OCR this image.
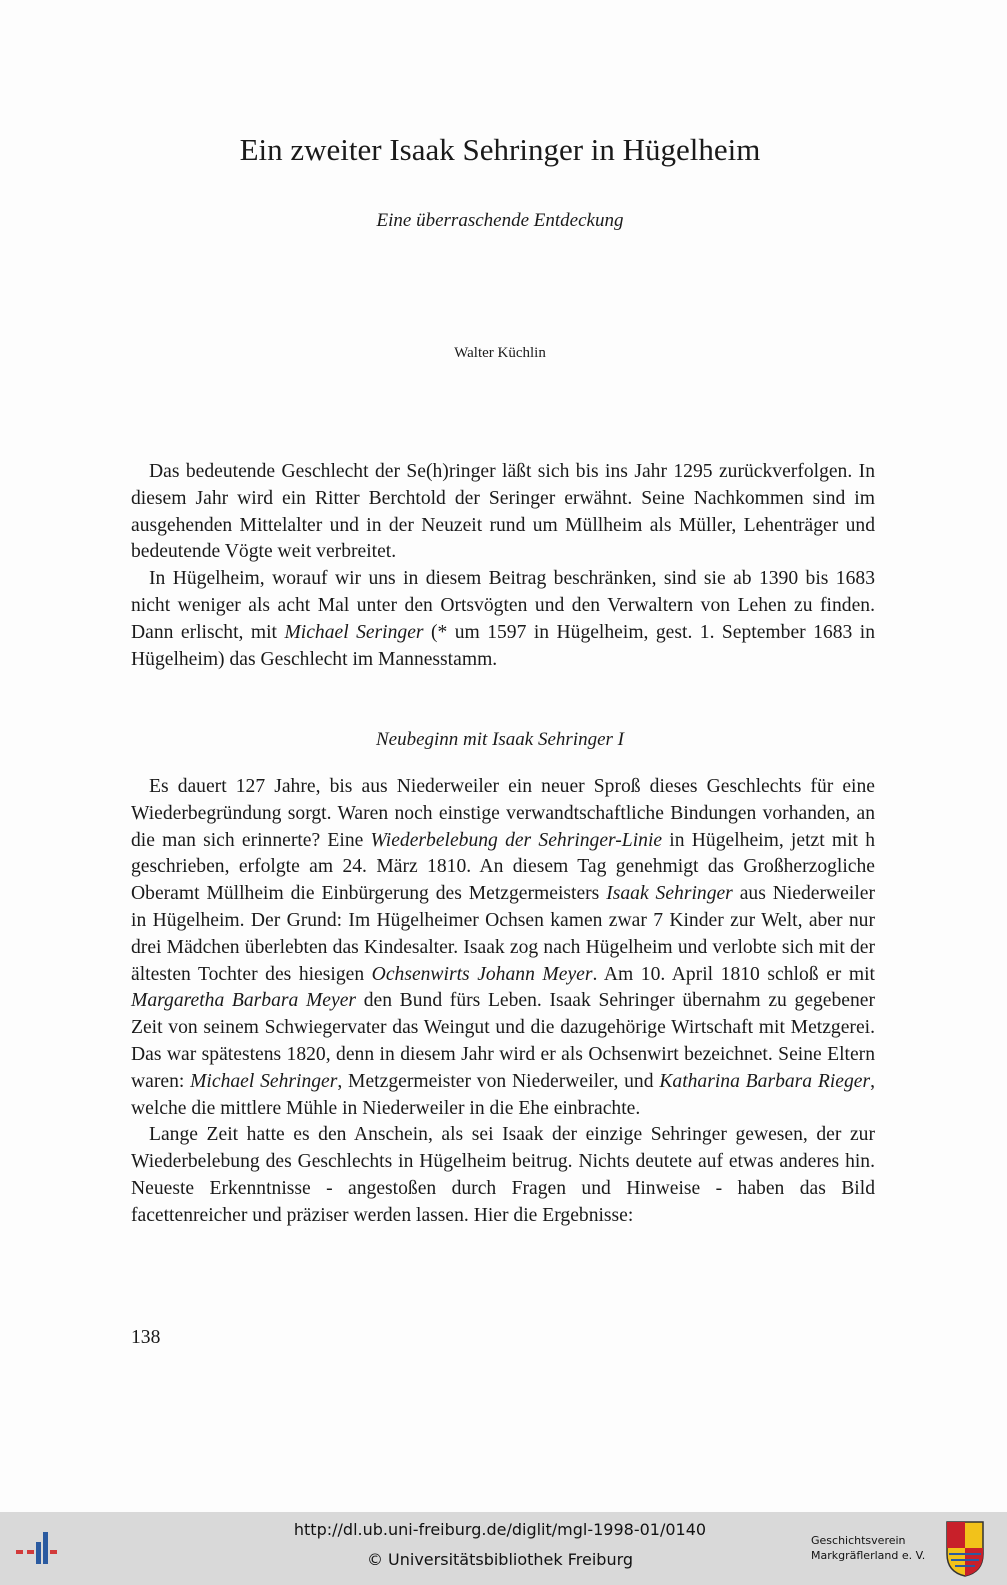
Ein zweiter Isaak Sehringer in Hügelheim
Eine überraschende Entdeckung
Walter Küchlin

Das bedeutende Geschlecht der Se(h)ringer läßt sich bis ins Jahr 1295 zurückverfolgen. In diesem Jahr wird ein Ritter Berchtold der Seringer erwähnt. Seine Nachkommen sind im ausgehenden Mittelalter und in der Neuzeit rund um Müllheim als Müller, Lehenträger und bedeutende Vögte weit verbreitet.

In Hügelheim, worauf wir uns in diesem Beitrag beschränken, sind sie ab 1390 bis 1683 nicht weniger als acht Mal unter den Ortsvögten und den Verwaltern von Lehen zu finden. Dann erlischt, mit Michael Seringer (* um 1597 in Hügelheim, gest. 1. September 1683 in Hügelheim) das Geschlecht im Mannesstamm.

Neubeginn mit Isaak Sehringer I

Es dauert 127 Jahre, bis aus Niederweiler ein neuer Sproß dieses Geschlechts für eine Wiederbegründung sorgt. Waren noch einstige verwandtschaftliche Bindungen vorhanden, an die man sich erinnerte? Eine Wiederbelebung der Sehringer-Linie in Hügelheim, jetzt mit h geschrieben, erfolgte am 24. März 1810. An diesem Tag genehmigt das Großherzogliche Oberamt Müllheim die Einbürgerung des Metzgermeisters Isaak Sehringer aus Niederweiler in Hügelheim. Der Grund: Im Hügelheimer Ochsen kamen zwar 7 Kinder zur Welt, aber nur drei Mädchen überlebten das Kindesalter. Isaak zog nach Hügelheim und verlobte sich mit der ältesten Tochter des hiesigen Ochsenwirts Johann Meyer. Am 10. April 1810 schloß er mit Margaretha Barbara Meyer den Bund fürs Leben. Isaak Sehringer übernahm zu gegebener Zeit von seinem Schwiegervater das Weingut und die dazugehörige Wirtschaft mit Metzgerei. Das war spätestens 1820, denn in diesem Jahr wird er als Ochsenwirt bezeichnet. Seine Eltern waren: Michael Sehringer, Metzgermeister von Niederweiler, und Katharina Barbara Rieger, welche die mittlere Mühle in Niederweiler in die Ehe einbrachte.

Lange Zeit hatte es den Anschein, als sei Isaak der einzige Sehringer gewesen, der zur Wiederbelebung des Geschlechts in Hügelheim beitrug. Nichts deutete auf etwas anderes hin. Neueste Erkenntnisse - angestoßen durch Fragen und Hinweise - haben das Bild facettenreicher und präziser werden lassen. Hier die Ergebnisse:

138
http://dl.ub.uni-freiburg.de/diglit/mgl-1998-01/0140
© Universitätsbibliothek Freiburg
Geschichtsverein
Markgräflerland e. V.
